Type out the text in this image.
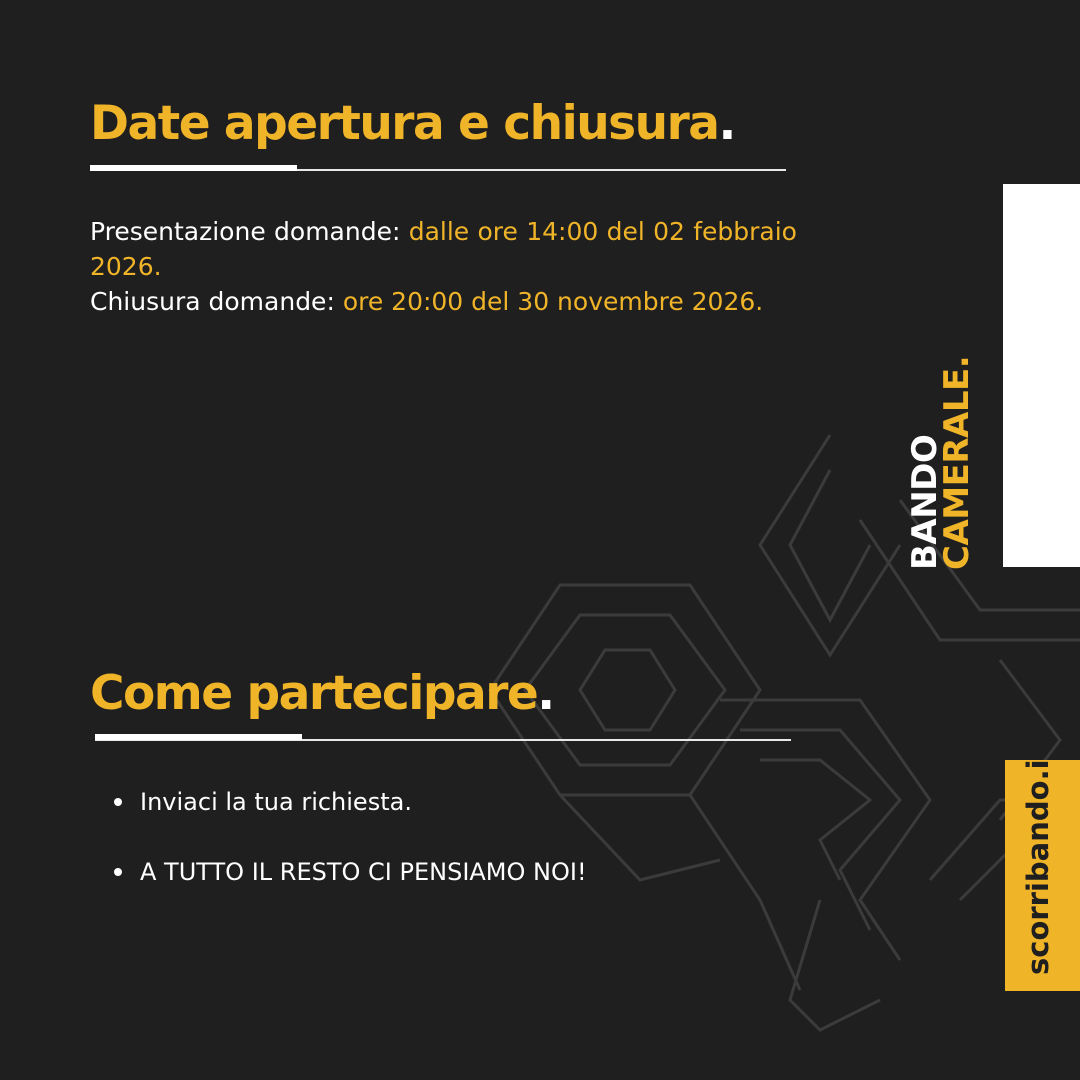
Date apertura e chiusura.

Presentazione domande: dalle ore 14:00 del 02 febbraio 2026.
Chiusura domande: ore 20:00 del 30 novembre 2026.

Come partecipare.
Inviaci la tua richiesta.
A TUTTO IL RESTO CI PENSIAMO NOI!
BANDO
CAMERALE.
scorribando.it
